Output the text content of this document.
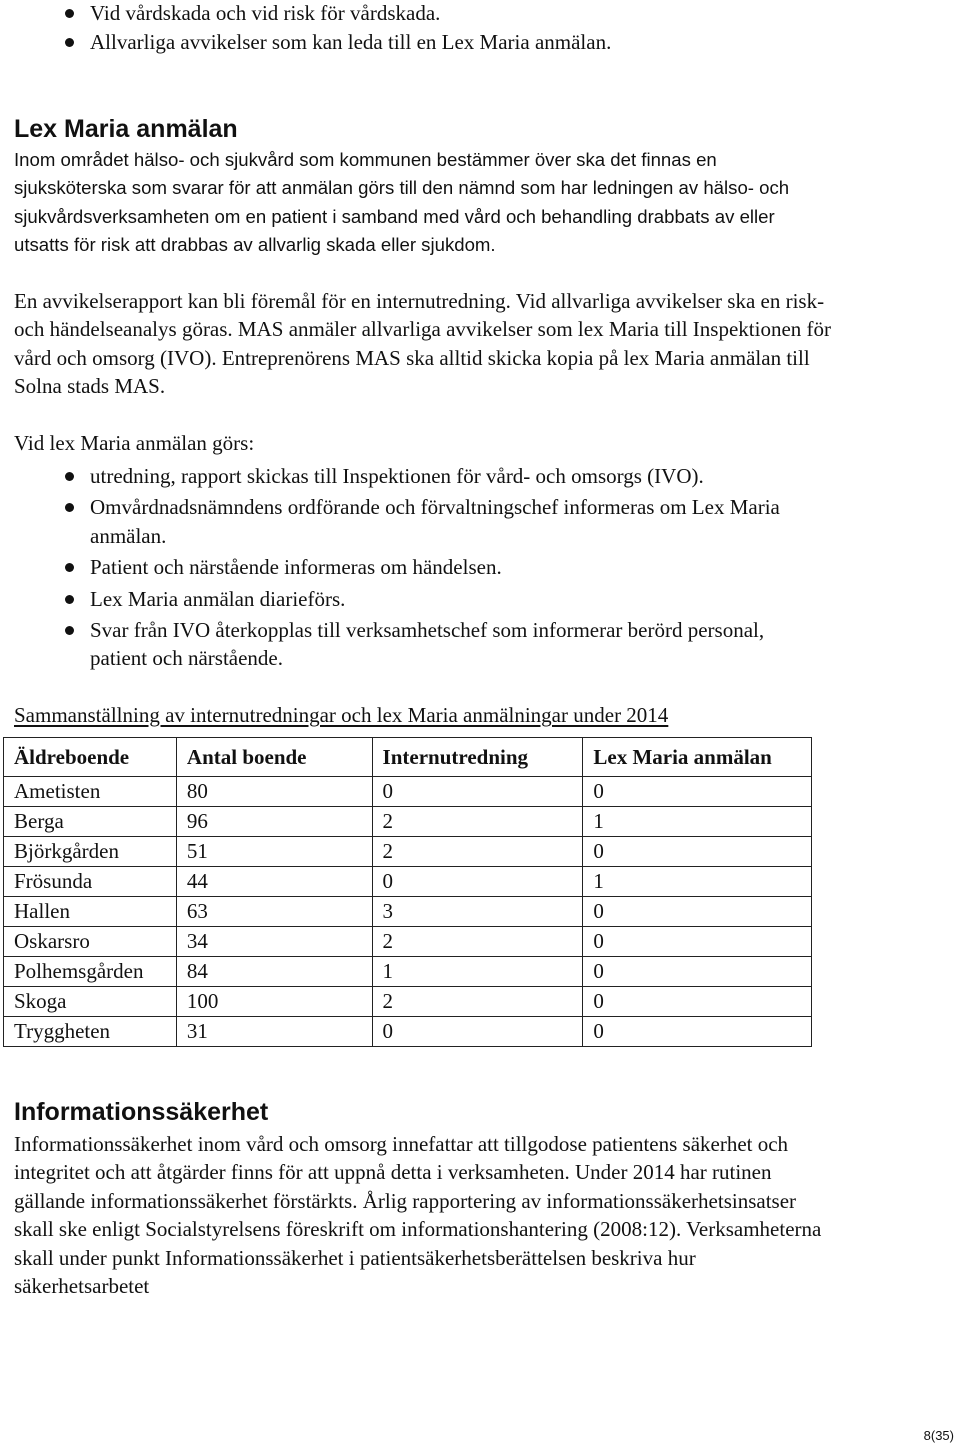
Vid vårdskada och vid risk för vårdskada.
Allvarliga avvikelser som kan leda till en Lex Maria anmälan.
Lex Maria anmälan

Inom området hälso- och sjukvård som kommunen bestämmer över ska det finnas en sjuksköterska som svarar för att anmälan görs till den nämnd som har ledningen av hälso- och sjukvårdsverksamheten om en patient i samband med vård och behandling drabbats av eller utsatts för risk att drabbas av allvarlig skada eller sjukdom.

En avvikelserapport kan bli föremål för en internutredning. Vid allvarliga avvikelser ska en risk- och händelseanalys göras. MAS anmäler allvarliga avvikelser som lex Maria till Inspektionen för vård och omsorg (IVO). Entreprenörens MAS ska alltid skicka kopia på lex Maria anmälan till Solna stads MAS.

Vid lex Maria anmälan görs:

utredning, rapport skickas till Inspektionen för vård- och omsorgs (IVO).
Omvårdnadsnämndens ordförande och förvaltningschef informeras om Lex Maria anmälan.
Patient och närstående informeras om händelsen.
Lex Maria anmälan diarieförs.
Svar från IVO återkopplas till verksamhetschef som informerar berörd personal, patient och närstående.

Sammanställning av internutredningar och lex Maria anmälningar under 2014

Äldreboende	Antal boende	Internutredning	Lex Maria anmälan
Ametisten	80	0	0
Berga	96	2	1
Björkgården	51	2	0
Frösunda	44	0	1
Hallen	63	3	0
Oskarsro	34	2	0
Polhemsgården	84	1	0
Skoga	100	2	0
Tryggheten	31	0	0
Informationssäkerhet

Informationssäkerhet inom vård och omsorg innefattar att tillgodose patientens säkerhet och integritet och att åtgärder finns för att uppnå detta i verksamheten. Under 2014 har rutinen gällande informationssäkerhet förstärkts. Årlig rapportering av informationssäkerhetsinsatser skall ske enligt Socialstyrelsens föreskrift om informationshantering (2008:12). Verksamheterna skall under punkt Informationssäkerhet i patientsäkerhetsberättelsen beskriva hur säkerhetsarbetet

8(35)
